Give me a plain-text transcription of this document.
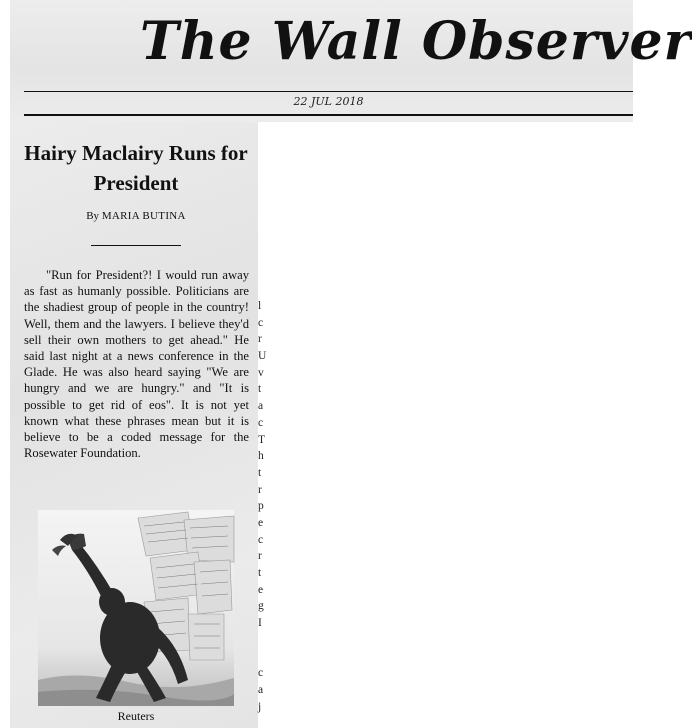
The Wall Observer
22 JUL 2018
Hairy Maclairy Runs for President
By MARIA BUTINA

"Run for President?! I would run away as fast as humanly possible. Politicians are the shadiest group of people in the country! Well, them and the lawyers. I believe they'd sell their own mothers to get ahead." He said last night at a news conference in the Glade. He was also heard saying "We are hungry and we are hungry." and "It is possible to get rid of eos". It is not yet known what these phrases mean but it is believe to be a coded message for the Rosewater Foundation.

Reuters
l
c
r
U
v
t
a
c
T
h
t
r
p
e
c
r
t
e
g
I
c
a
j
